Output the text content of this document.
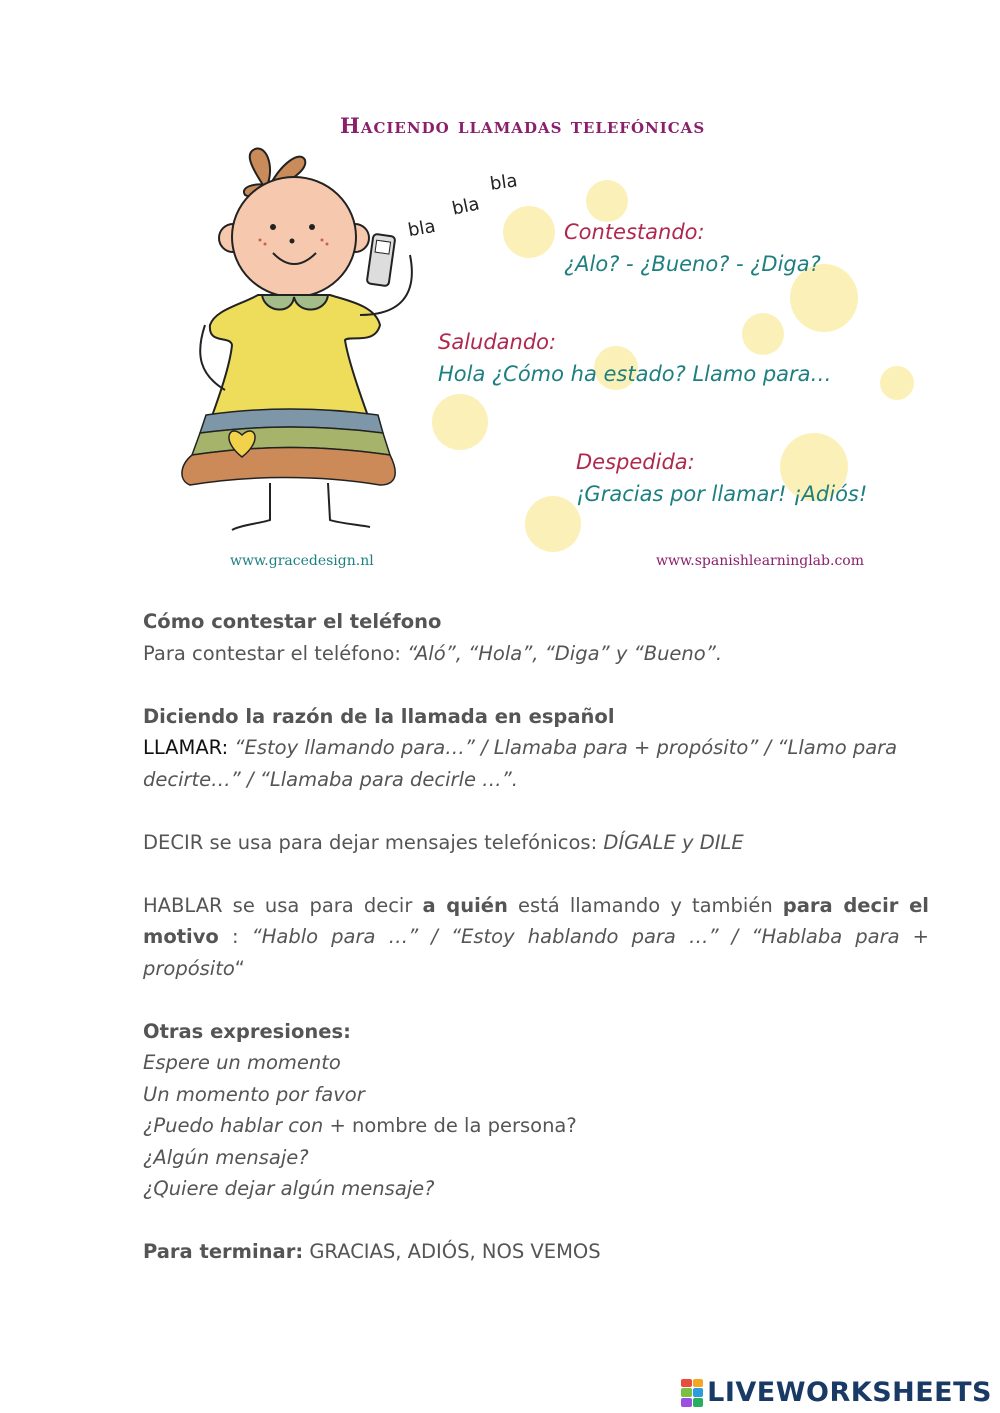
Haciendo llamadas telefónicas
bla
bla
bla
Contestando:
¿Alo? - ¿Bueno? - ¿Diga?
Saludando:
Hola ¿Cómo ha estado? Llamo para…
Despedida:
¡Gracias por llamar! ¡Adiós!
www.gracedesign.nl	www.spanishlearninglab.com

Cómo contestar el teléfono
Para contestar el teléfono: “Aló”, “Hola”, “Diga” y “Bueno”.

Diciendo la razón de la llamada en español
LLAMAR: “Estoy llamando para…” / Llamaba para + propósito” / “Llamo para decirte…” / “Llamaba para decirle …”.

DECIR se usa para dejar mensajes telefónicos: DÍGALE y DILE

HABLAR se usa para decir a quién está llamando y también para decir el motivo : “Hablo para …” / “Estoy hablando para …” / “Hablaba para + propósito“

Otras expresiones:
Espere un momento
Un momento por favor
¿Puedo hablar con + nombre de la persona?
¿Algún mensaje?
¿Quiere dejar algún mensaje?

Para terminar: GRACIAS, ADIÓS, NOS VEMOS

LIVEWORKSHEETS
